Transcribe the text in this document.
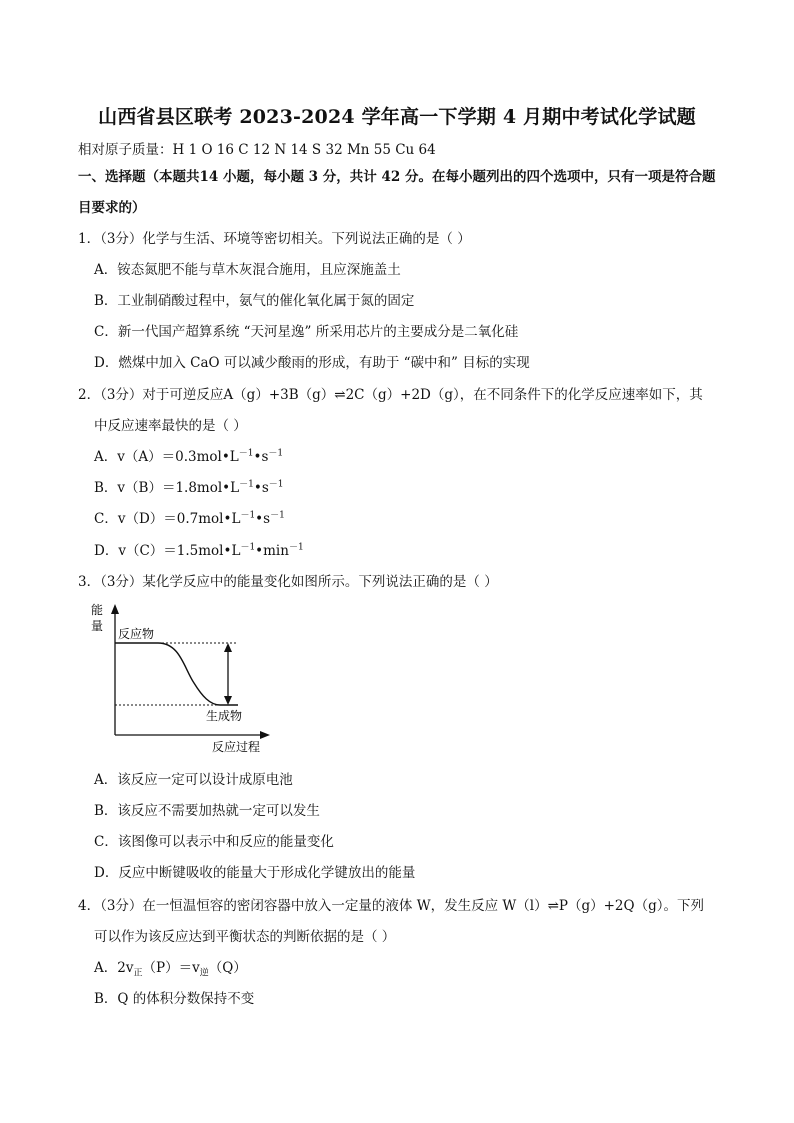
山西省县区联考 2023-2024 学年高一下学期 4 月期中考试化学试题
相对原子质量：H 1 O 16 C 12 N 14 S 32 Mn 55 Cu 64
一、选择题（本题共14 小题，每小题 3 分，共计 42 分。在每小题列出的四个选项中，只有一项是符合题
目要求的）
1．（3分）化学与生活、环境等密切相关。下列说法正确的是（ ）
A．铵态氮肥不能与草木灰混合施用，且应深施盖土
B．工业制硝酸过程中，氨气的催化氧化属于氮的固定
C．新一代国产超算系统 “天河星逸” 所采用芯片的主要成分是二氧化硅
D．燃煤中加入 CaO 可以减少酸雨的形成，有助于 “碳中和” 目标的实现
2．（3分）对于可逆反应A（g）+3B（g）⇌2C（g）+2D（g），在不同条件下的化学反应速率如下，其
中反应速率最快的是（ ）
A．$v(A)=0.3mol•L^{-1}•s^{-1}$
B．$v(B)=1.8mol•L^{-1}•s^{-1}$
C．$v(D)=0.7mol•L^{-1}•s^{-1}$
D．$v(C)=1.5mol•L^{-1}•\min^{-1}$
3．（3分）某化学反应中的能量变化如图所示。下列说法正确的是（ ）
能
量
反应过程
反应物
生成物
A．该反应一定可以设计成原电池
B．该反应不需要加热就一定可以发生
C．该图像可以表示中和反应的能量变化
D．反应中断键吸收的能量大于形成化学键放出的能量
4．（3分）在一恒温恒容的密闭容器中放入一定量的液体 W，发生反应 W（l）⇌P（g）+2Q（g）。下列
可以作为该反应达到平衡状态的判断依据的是（ ）
A．$2v_正(P)=v_逆(Q)$
B．Q 的体积分数保持不变
